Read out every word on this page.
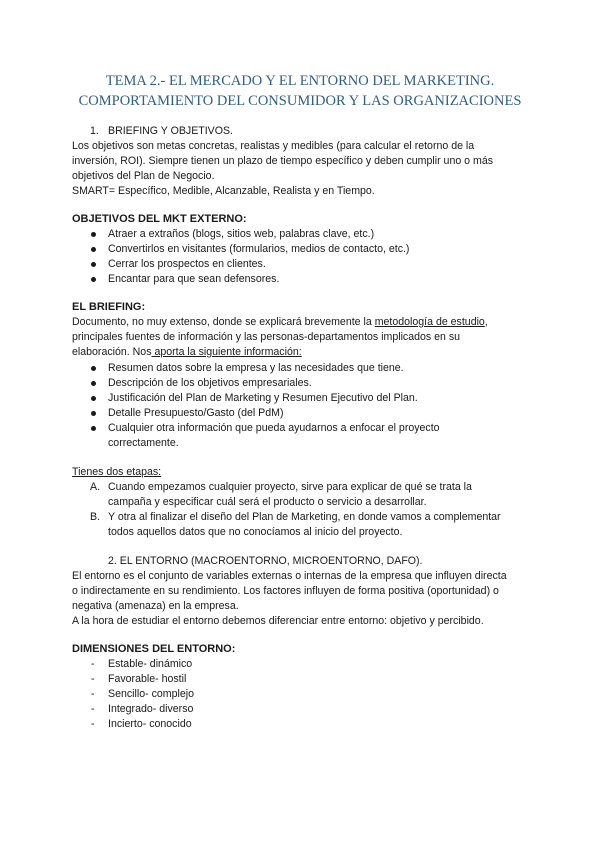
TEMA 2.- EL MERCADO Y EL ENTORNO DEL MARKETING.
COMPORTAMIENTO DEL CONSUMIDOR Y LAS ORGANIZACIONES
1. BRIEFING Y OBJETIVOS.
Los objetivos son metas concretas, realistas y medibles (para calcular el retorno de la
inversión, ROI). Siempre tienen un plazo de tiempo específico y deben cumplir uno o más
objetivos del Plan de Negocio.
SMART= Específico, Medible, Alcanzable, Realista y en Tiempo.
OBJETIVOS DEL MKT EXTERNO:
Atraer a extraños (blogs, sitios web, palabras clave, etc.)
Convertirlos en visitantes (formularios, medios de contacto, etc.)
Cerrar los prospectos en clientes.
Encantar para que sean defensores.
EL BRIEFING:
Documento, no muy extenso, donde se explicará brevemente la metodología de estudio,
principales fuentes de información y las personas-departamentos implicados en su
elaboración. Nos aporta la siguiente información:
Resumen datos sobre la empresa y las necesidades que tiene.
Descripción de los objetivos empresariales.
Justificación del Plan de Marketing y Resumen Ejecutivo del Plan.
Detalle Presupuesto/Gasto (del PdM)
Cualquier otra información que pueda ayudarnos a enfocar el proyecto
correctamente.
Tienes dos etapas:
A. Cuando empezamos cualquier proyecto, sirve para explicar de qué se trata la
campaña y especificar cuál será el producto o servicio a desarrollar.
B. Y otra al finalizar el diseño del Plan de Marketing, en donde vamos a complementar
todos aquellos datos que no conocíamos al inicio del proyecto.
2. EL ENTORNO (MACROENTORNO, MICROENTORNO, DAFO).
El entorno es el conjunto de variables externas o internas de la empresa que influyen directa
o indirectamente en su rendimiento. Los factores influyen de forma positiva (oportunidad) o
negativa (amenaza) en la empresa.
A la hora de estudiar el entorno debemos diferenciar entre entorno: objetivo y percibido.
DIMENSIONES DEL ENTORNO:
- Estable- dinámico
- Favorable- hostil
- Sencillo- complejo
- Integrado- diverso
- Incierto- conocido
